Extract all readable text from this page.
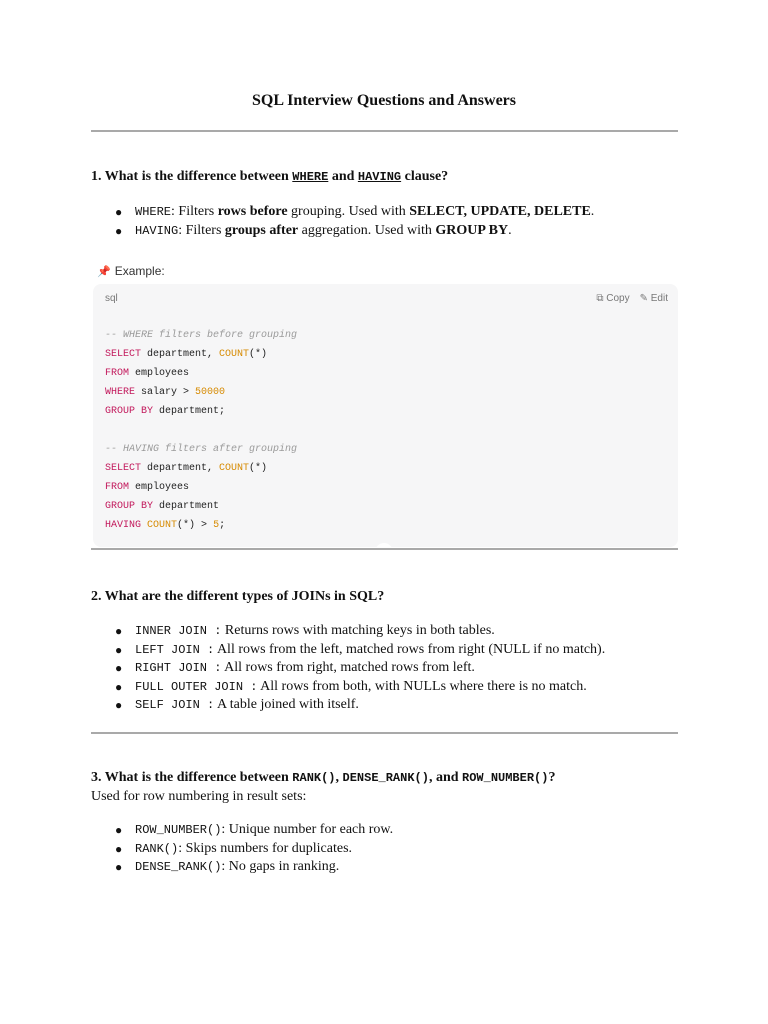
SQL Interview Questions and Answers
1. What is the difference between WHERE and HAVING clause?
● WHERE: Filters rows before grouping. Used with SELECT, UPDATE, DELETE.
● HAVING: Filters groups after aggregation. Used with GROUP BY.
📌 Example:
sql	⧉ Copy ✎ Edit
-- WHERE filters before grouping
SELECT department, COUNT(*)
FROM employees
WHERE salary > 50000
GROUP BY department;
-- HAVING filters after grouping
SELECT department, COUNT(*)
FROM employees
GROUP BY department
HAVING COUNT(*) > 5;
2. What are the different types of JOINs in SQL?
● INNER JOIN : Returns rows with matching keys in both tables.
● LEFT JOIN : All rows from the left, matched rows from right (NULL if no match).
● RIGHT JOIN : All rows from right, matched rows from left.
● FULL OUTER JOIN : All rows from both, with NULLs where there is no match.
● SELF JOIN : A table joined with itself.
3. What is the difference between RANK(), DENSE_RANK(), and ROW_NUMBER()?
Used for row numbering in result sets:
● ROW_NUMBER(): Unique number for each row.
● RANK(): Skips numbers for duplicates.
● DENSE_RANK(): No gaps in ranking.
